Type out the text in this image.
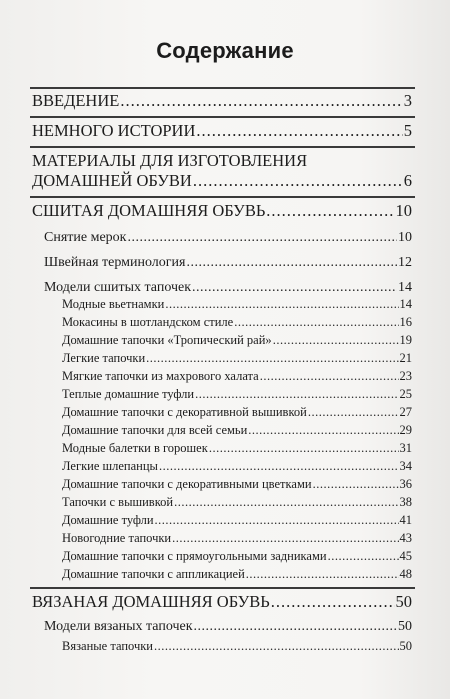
Содержание
ВВЕДЕНИЕ .....	3
НЕМНОГО ИСТОРИИ .....	5
МАТЕРИАЛЫ ДЛЯ ИЗГОТОВЛЕНИЯ
ДОМАШНЕЙ ОБУВИ .....	6
СШИТАЯ ДОМАШНЯЯ ОБУВЬ .....	10
Снятие мерок .....	10
Швейная терминология .....	12
Модели сшитых тапочек .....	14
Модные вьетнамки .....	14
Мокасины в шотландском стиле .....	16
Домашние тапочки «Тропический рай» .....	19
Легкие тапочки .....	21
Мягкие тапочки из махрового халата .....	23
Теплые домашние туфли .....	25
Домашние тапочки с декоративной вышивкой .....	27
Домашние тапочки для всей семьи .....	29
Модные балетки в горошек .....	31
Легкие шлепанцы .....	34
Домашние тапочки с декоративными цветками .....	36
Тапочки с вышивкой .....	38
Домашние туфли .....	41
Новогодние тапочки .....	43
Домашние тапочки с прямоугольными задниками .....	45
Домашние тапочки с аппликацией .....	48
ВЯЗАНАЯ ДОМАШНЯЯ ОБУВЬ .....	50
Модели вязаных тапочек .....	50
Вязаные тапочки .....	50
